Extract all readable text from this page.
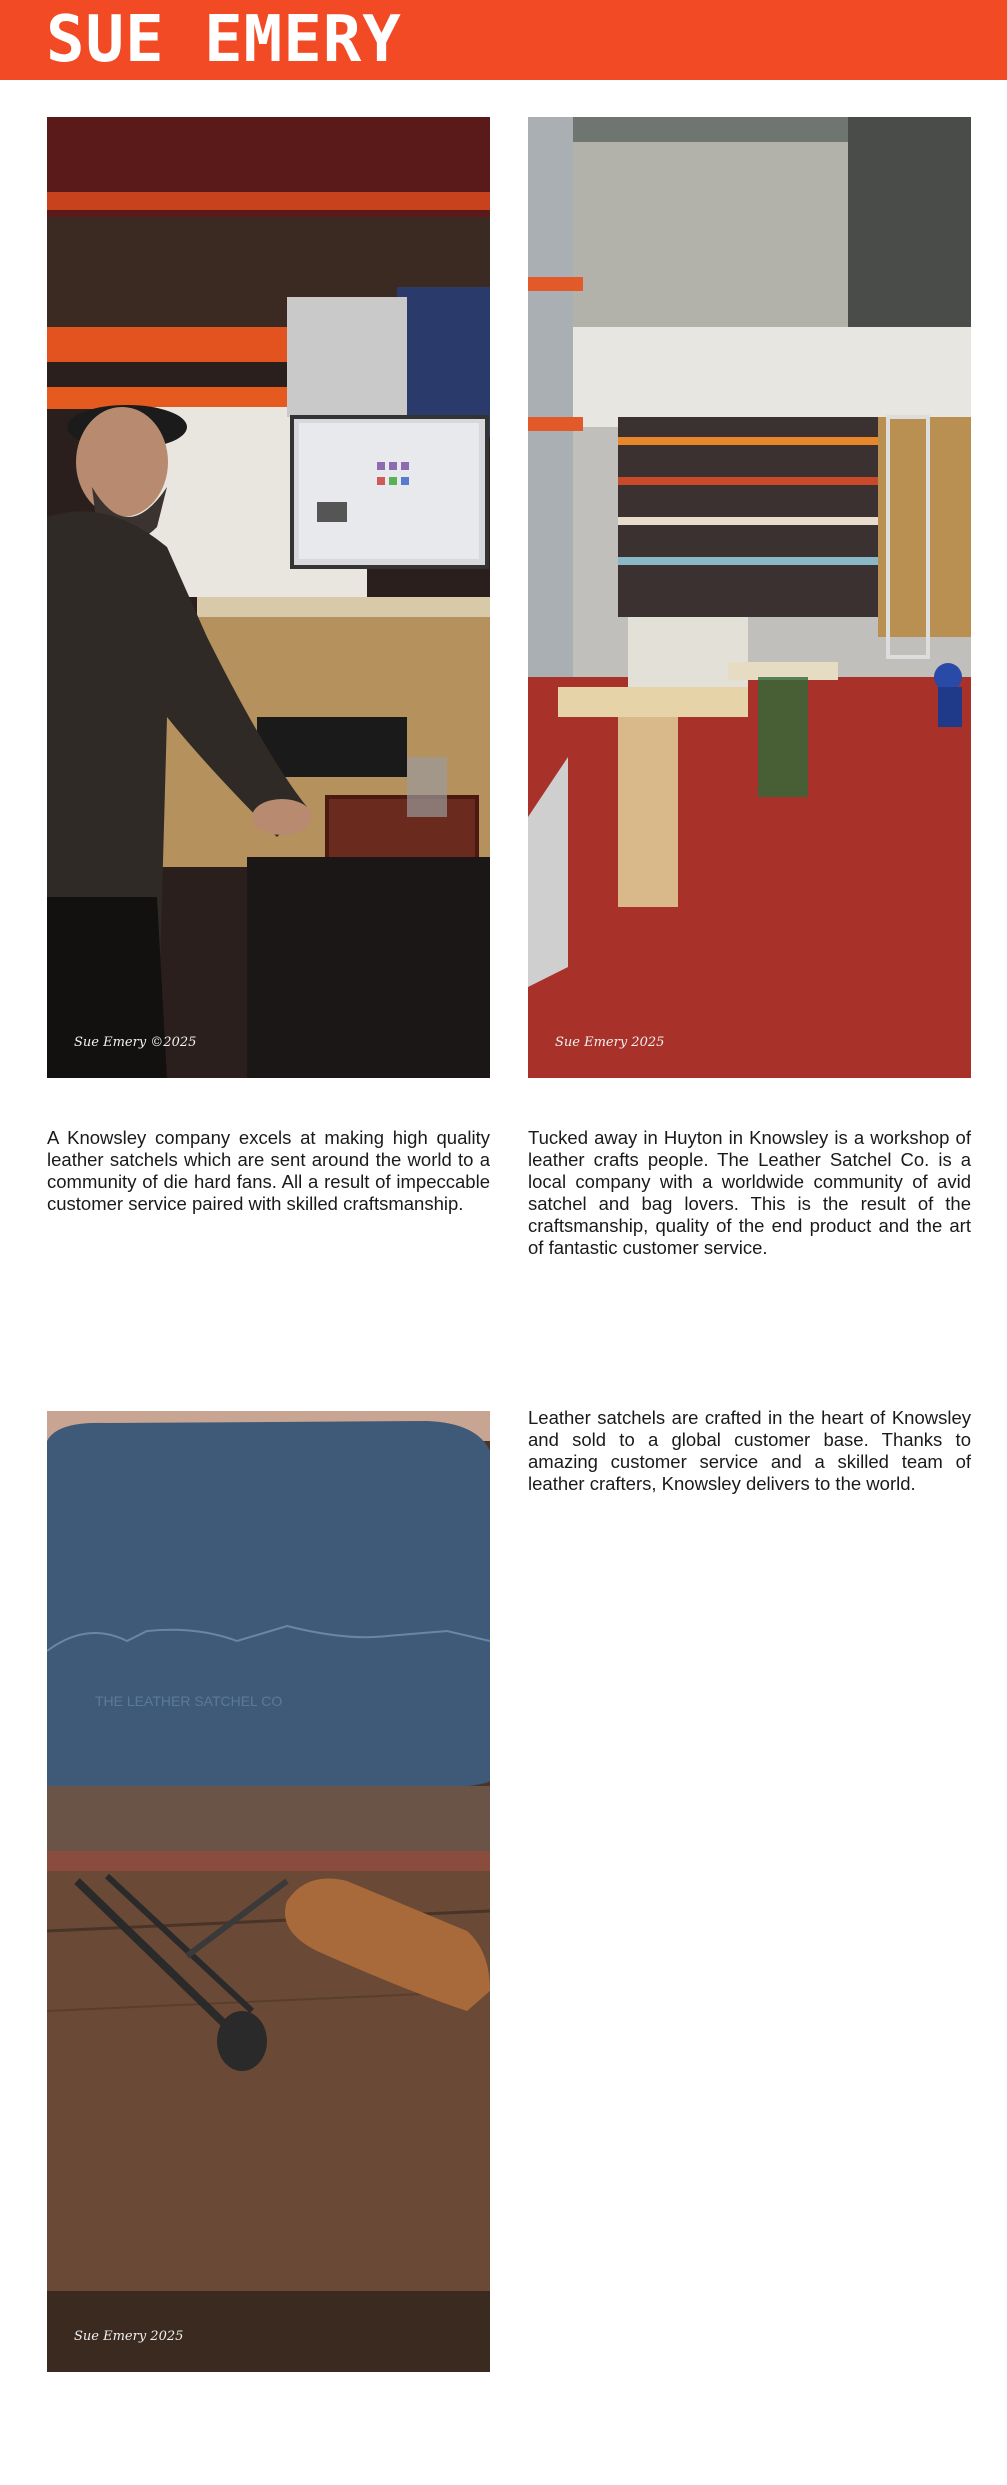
SUE EMERY
Sue Emery ©2025	Sue Emery 2025

A Knowsley company excels at making high quality leather satchels which are sent around the world to a community of die hard fans. All a result of impeccable customer service paired with skilled craftsmanship.

Tucked away in Huyton in Knowsley is a workshop of leather crafts people. The Leather Satchel Co. is a local company with a worldwide community of avid satchel and bag lovers. This is the result of the craftsmanship, quality of the end product and the art of fantastic customer service.

THE LEATHER SATCHEL CO
Sue Emery 2025

Leather satchels are crafted in the heart of Knowsley and sold to a global customer base. Thanks to amazing customer service and a skilled team of leather crafters, Knowsley delivers to the world.
